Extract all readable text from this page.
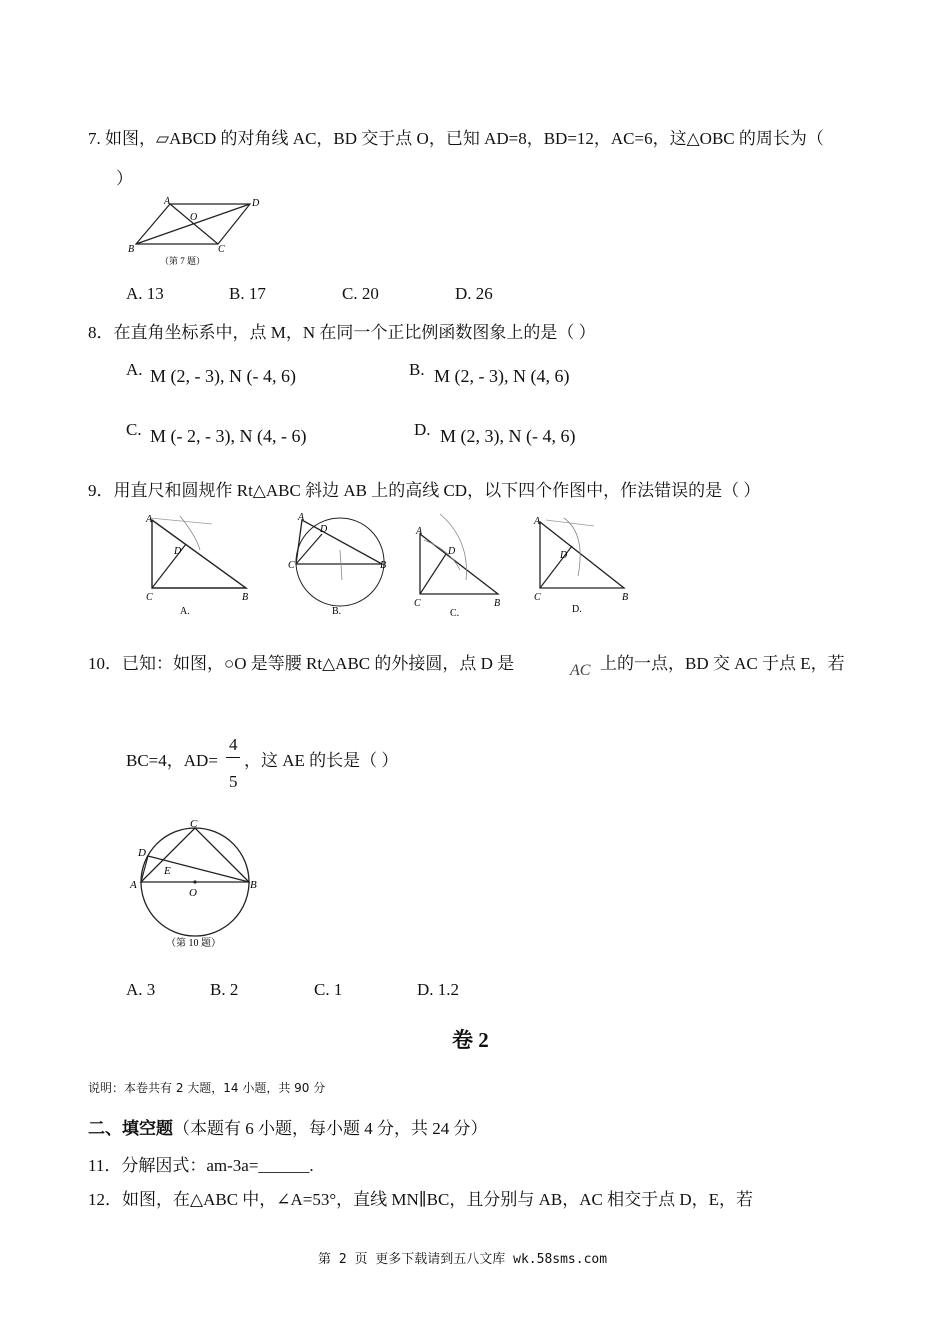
7. 如图，▱ABCD 的对角线 AC，BD 交于点 O，已知 AD=8，BD=12，AC=6，这△OBC 的周长为（
）
A	D
O
B	C
（第 7 题）
A. 13	B. 17	C. 20	D. 26
8．在直角坐标系中，点 M，N 在同一个正比例函数图象上的是（ ）
A. M (2, - 3), N (- 4, 6)	B. M (2, - 3), N (4, 6)
C. M (- 2, - 3), N (4, - 6)	D. M (2, 3), N (- 4, 6)
9．用直尺和圆规作 Rt△ABC 斜边 AB 上的高线 CD，以下四个作图中，作法错误的是（ ）
A
D
C	B
A.
A
D
C	B
B.
A
D
C	B
C.
A
D
C	B
D.
10．已知：如图，○O 是等腰 Rt△ABC 的外接圆，点 D 是	AC 上的一点，BD 交 AC 于点 E，若
BC=4，AD=
4
5
，这 AE 的长是（ ）
C
D
E
A
O
B
（第 10 题）
A. 3	B. 2	C. 1	D. 1.2
卷 2
说明：本卷共有 2 大题，14 小题，共 90 分
二、填空题（本题有 6 小题，每小题 4 分，共 24 分）
11．分解因式：am-3a=______.
12．如图，在△ABC 中，∠A=53°，直线 MN∥BC，且分别与 AB，AC 相交于点 D，E，若
第 2 页 更多下载请到五八文库 wk.58sms.com
